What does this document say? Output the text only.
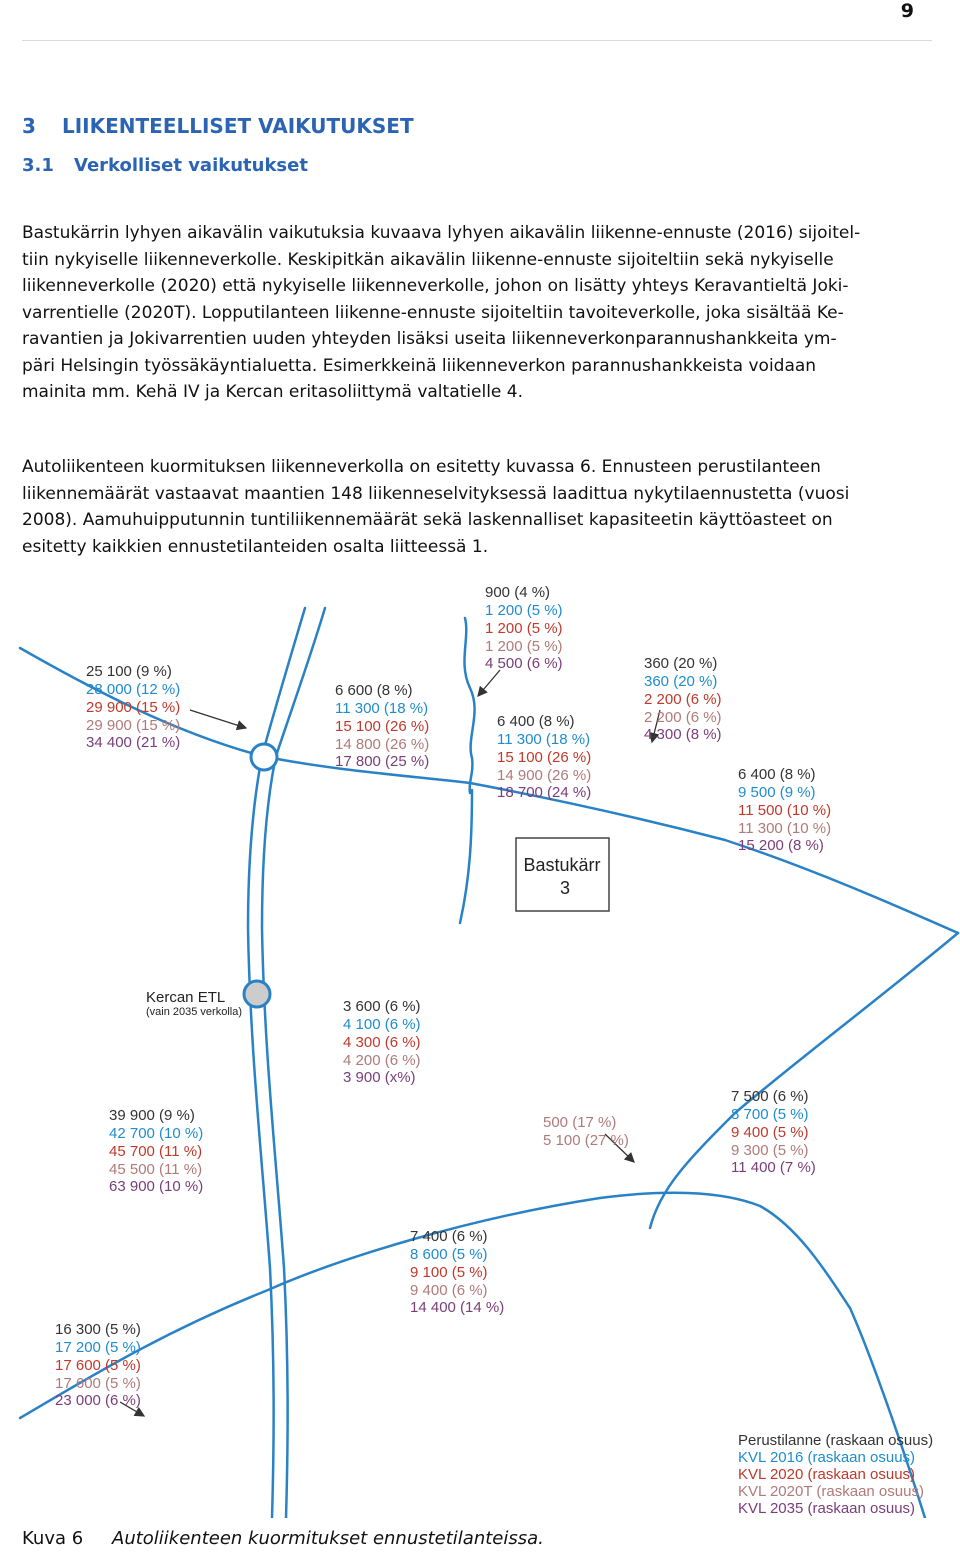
9
3 LIIKENTEELLISET VAIKUTUKSET
3.1 Verkolliset vaikutukset
Bastukärrin lyhyen aikavälin vaikutuksia kuvaava lyhyen aikavälin liikenne-ennuste (2016) sijoitel-
tiin nykyiselle liikenneverkolle. Keskipitkän aikavälin liikenne-ennuste sijoiteltiin sekä nykyiselle
liikenneverkolle (2020) että nykyiselle liikenneverkolle, johon on lisätty yhteys Keravantieltä Joki-
varrentielle (2020T). Lopputilanteen liikenne-ennuste sijoiteltiin tavoiteverkolle, joka sisältää Ke-
ravantien ja Jokivarrentien uuden yhteyden lisäksi useita liikenneverkonparannushankkeita ym-
päri Helsingin työssäkäyntialuetta. Esimerkkeinä liikenneverkon parannushankkeista voidaan
mainita mm. Kehä IV ja Kercan eritasoliittymä valtatielle 4.
Autoliikenteen kuormituksen liikenneverkolla on esitetty kuvassa 6. Ennusteen perustilanteen
liikennemäärät vastaavat maantien 148 liikenneselvityksessä laadittua nykytilaennustetta (vuosi
2008). Aamuhuipputunnin tuntiliikennemäärät sekä laskennalliset kapasiteetin käyttöasteet on
esitetty kaikkien ennustetilanteiden osalta liitteessä 1.
Bastukärr
3
Kercan ETL
(vain 2035 verkolla)
900 (4 %)
1 200 (5 %)
1 200 (5 %)
1 200 (5 %)
4 500 (6 %)
25 100 (9 %)
28 000 (12 %)
29 900 (15 %)
29 900 (15 %)
34 400 (21 %)
6 600 (8 %)
11 300 (18 %)
15 100 (26 %)
14 800 (26 %)
17 800 (25 %)
360 (20 %)
360 (20 %)
2 200 (6 %)
2 200 (6 %)
4 300 (8 %)
6 400 (8 %)
11 300 (18 %)
15 100 (26 %)
14 900 (26 %)
18 700 (24 %)
6 400 (8 %)
9 500 (9 %)
11 500 (10 %)
11 300 (10 %)
15 200 (8 %)
3 600 (6 %)
4 100 (6 %)
4 300 (6 %)
4 200 (6 %)
3 900 (x%)
39 900 (9 %)
42 700 (10 %)
45 700 (11 %)
45 500 (11 %)
63 900 (10 %)
500 (17 %)
5 100 (27 %)
7 500 (6 %)
8 700 (5 %)
9 400 (5 %)
9 300 (5 %)
11 400 (7 %)
7 400 (6 %)
8 600 (5 %)
9 100 (5 %)
9 400 (6 %)
14 400 (14 %)
16 300 (5 %)
17 200 (5 %)
17 600 (5 %)
17 600 (5 %)
23 000 (6 %)
Perustilanne (raskaan osuus)
KVL 2016 (raskaan osuus)
KVL 2020 (raskaan osuus)
KVL 2020T (raskaan osuus)
KVL 2035 (raskaan osuus)
Kuva 6 Autoliikenteen kuormitukset ennustetilanteissa.
